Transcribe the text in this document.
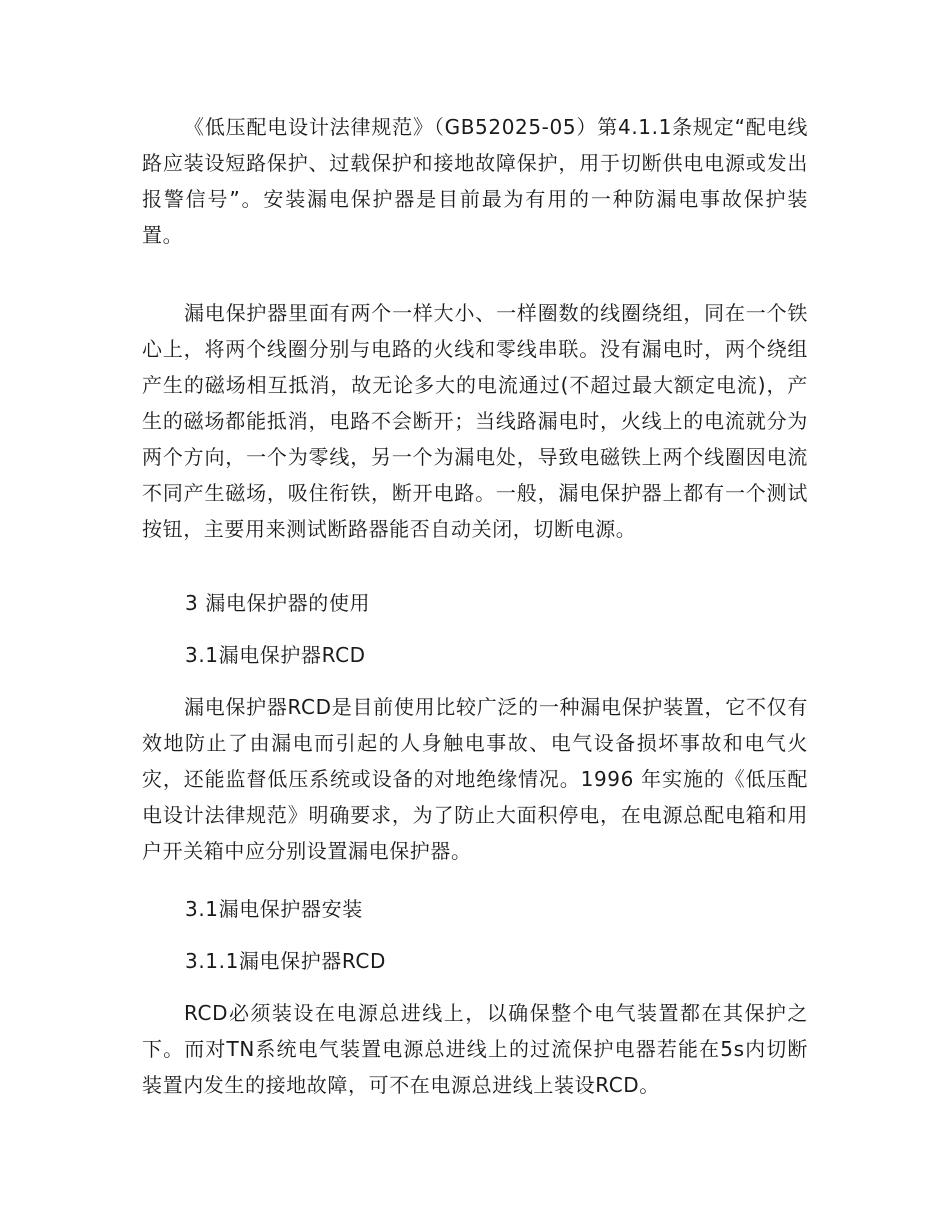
《低压配电设计法律规范》（GB52025-05）第4.1.1条规定“配电线路应装设短路保护、过载保护和接地故障保护，用于切断供电电源或发出报警信号”。安装漏电保护器是目前最为有用的一种防漏电事故保护装置。

漏电保护器里面有两个一样大小、一样圈数的线圈绕组，同在一个铁心上，将两个线圈分别与电路的火线和零线串联。没有漏电时，两个绕组产生的磁场相互抵消，故无论多大的电流通过(不超过最大额定电流)，产生的磁场都能抵消，电路不会断开；当线路漏电时，火线上的电流就分为两个方向，一个为零线，另一个为漏电处，导致电磁铁上两个线圈因电流不同产生磁场，吸住衔铁，断开电路。一般，漏电保护器上都有一个测试按钮，主要用来测试断路器能否自动关闭，切断电源。

3 漏电保护器的使用
3.1漏电保护器RCD

漏电保护器RCD是目前使用比较广泛的一种漏电保护装置，它不仅有效地防止了由漏电而引起的人身触电事故、电气设备损坏事故和电气火灾，还能监督低压系统或设备的对地绝缘情况。1996 年实施的《低压配电设计法律规范》明确要求，为了防止大面积停电，在电源总配电箱和用户开关箱中应分别设置漏电保护器。

3.1漏电保护器安装
3.1.1漏电保护器RCD

RCD必须装设在电源总进线上，以确保整个电气装置都在其保护之下。而对TN系统电气装置电源总进线上的过流保护电器若能在5s内切断装置内发生的接地故障，可不在电源总进线上装设RCD。
